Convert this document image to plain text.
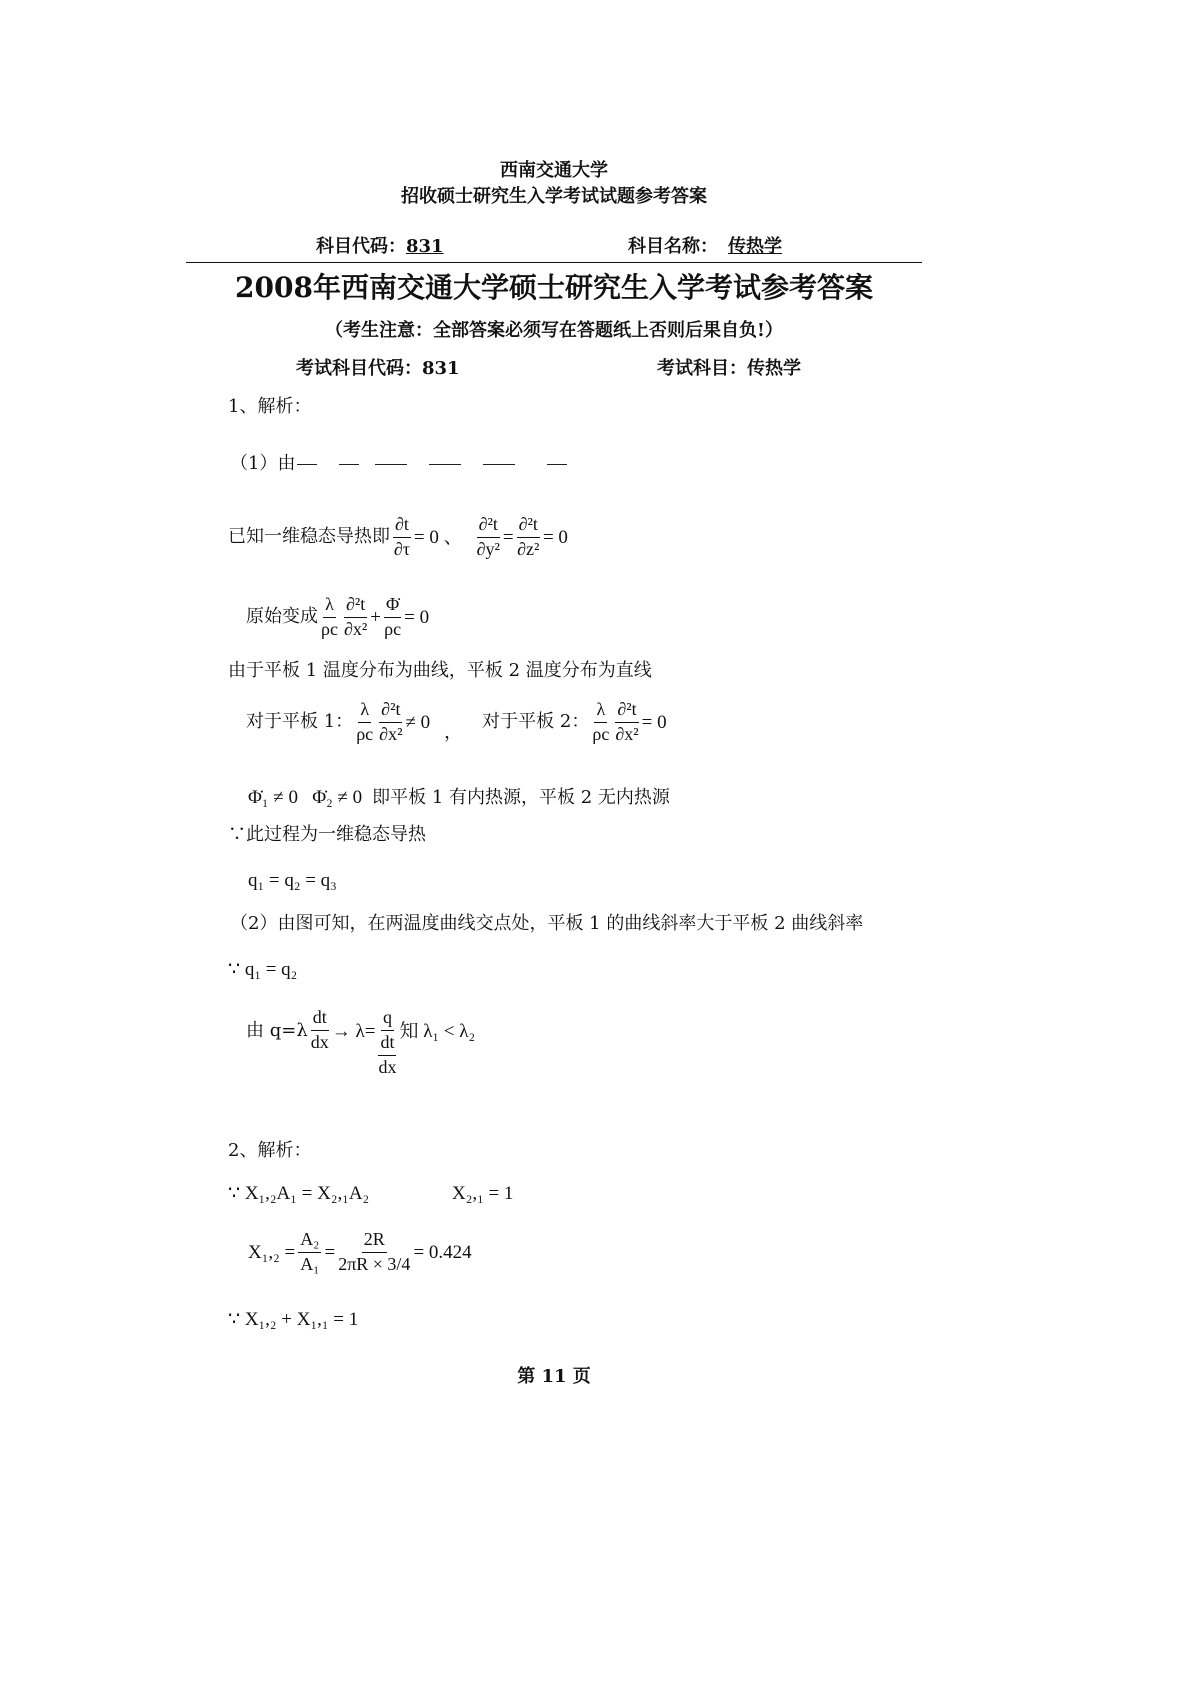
西南交通大学
招收硕士研究生入学考试试题参考答案
科目代码： 831	科目名称： 传热学
2008年西南交通大学硕士研究生入学考试参考答案
（考生注意：全部答案必须写在答题纸上否则后果自负!）
考试科目代码：831	考试科目：传热学
1、解析：
（1）由
已知一维稳态导热即 $\frac{\partial t}{\partial\tau} = 0$ 、 $\frac{\text{∂²t}}{\text{∂y²}} = \frac{\text{∂²t}}{\text{∂z²}} = 0$
原始变成 $\frac{\lambda}{\rho c} \frac{\text{∂²t}}{\text{∂x²}} + \frac{\Phi̇}{\rho c} = 0$
由于平板 1 温度分布为曲线，平板 2 温度分布为直线
对于平板 1： $\frac{\lambda}{\rho c} \frac{\text{∂²t}}{\text{∂x²}} \ne 0$ ，
对于平板 2： $\frac{\lambda}{\rho c} \frac{\text{∂²t}}{\text{∂x²}} = 0$
Φ̇₁ ≠ 0   Φ̇₂ ≠ 0 即平板 1 有内热源，平板 2 无内热源
∵此过程为一维稳态导热
q₁ = q₂ = q₃
（2）由图可知，在两温度曲线交点处，平板 1 的曲线斜率大于平板 2 曲线斜率
∵ q₁ = q₂
由 $q=\lambda \frac{dt}{dx} \to \lambda=$
q
$\frac{dt}{dx}$
知 λ₁ < λ₂
2、解析：
∵ X₁,₂A₁ = X₂,₁A₂	X₂,₁ = 1
$X_1,_2 = \frac{\text{A₂}}{\text{A₁}} = \frac{2R}{2\pi R \times 3/4} = 0.424$
∵ X₁,₂ + X₁,₁ = 1
第 11 页
